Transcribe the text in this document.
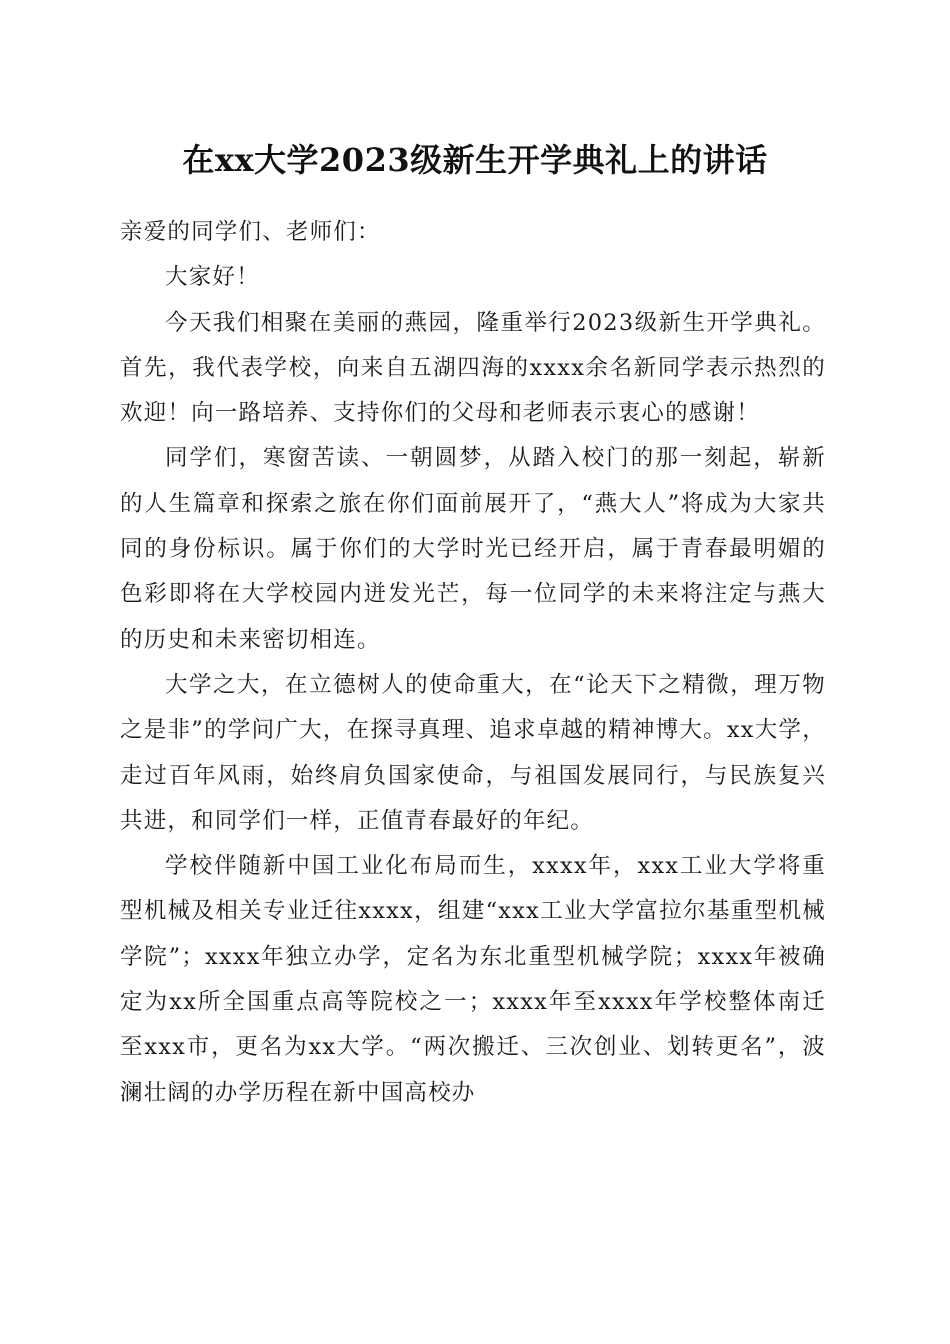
在xx大学2023级新生开学典礼上的讲话

亲爱的同学们、老师们：

大家好！

今天我们相聚在美丽的燕园，隆重举行2023级新生开学典礼。首先，我代表学校，向来自五湖四海的xxxx余名新同学表示热烈的欢迎！向一路培养、支持你们的父母和老师表示衷心的感谢！

同学们，寒窗苦读、一朝圆梦，从踏入校门的那一刻起，崭新的人生篇章和探索之旅在你们面前展开了，“燕大人”将成为大家共同的身份标识。属于你们的大学时光已经开启，属于青春最明媚的色彩即将在大学校园内迸发光芒，每一位同学的未来将注定与燕大的历史和未来密切相连。

大学之大，在立德树人的使命重大，在“论天下之精微，理万物之是非”的学问广大，在探寻真理、追求卓越的精神博大。xx大学，走过百年风雨，始终肩负国家使命，与祖国发展同行，与民族复兴共进，和同学们一样，正值青春最好的年纪。

学校伴随新中国工业化布局而生，xxxx年，xxx工业大学将重型机械及相关专业迁往xxxx，组建“xxx工业大学富拉尔基重型机械学院”；xxxx年独立办学，定名为东北重型机械学院；xxxx年被确定为xx所全国重点高等院校之一；xxxx年至xxxx年学校整体南迁至xxx市，更名为xx大学。“两次搬迁、三次创业、划转更名”，波澜壮阔的办学历程在新中国高校办
